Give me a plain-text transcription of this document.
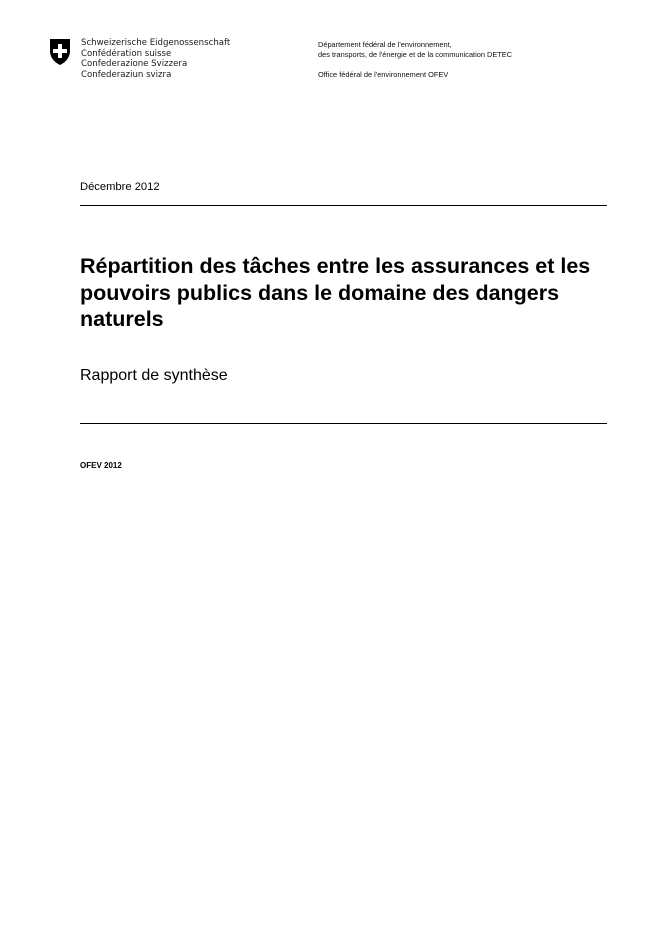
Schweizerische Eidgenossenschaft
Confédération suisse
Confederazione Svizzera
Confederaziun svizra
Département fédéral de l'environnement,
des transports, de l'énergie et de la communication DETEC
Office fédéral de l'environnement OFEV
Décembre 2012
Répartition des tâches entre les assurances et les pouvoirs publics dans le domaine des dangers naturels
Rapport de synthèse
OFEV 2012
